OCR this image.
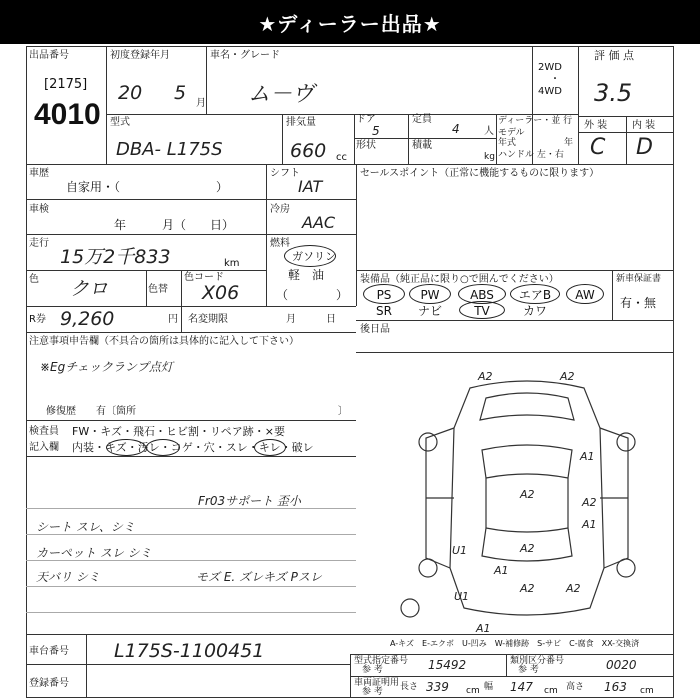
★ディーラー出品★
出品番号
[2175]
4010
初度登録年月
20 5 月
車名・グレード
ム－ヴ
2WD
・
4WD
評 価 点
3.5
外 装 内 装
C D
型式
DBA- L175S
排気量
660 cc
ドア
5
定員
4 人
形状	積載
kg
ディーラー・並 行
モデル
年式	年
ハンドル 左・右
車歴
自家用・（　　　　　　　　）
シフト
IAT
車検
年　　　月（　　日）
冷房
AAC
走行
15万2千833	km
燃料
ガソリン
軽　油
（　　　　）
色 クロ	色替
色コード
X06
R券 9,260	円 名変期限	月　　　日
セールスポイント（正常に機能するものに限ります）
装備品（純正品に限り○で囲んでください）	新車保証書
有・無
PS	PW	ABS	エアB	AW
SR	ナビ	TV	カワ
後日品
注意事項申告欄（不具合の箇所は具体的に記入して下さい）
※Egチェックランプ点灯
修復歴　　有〔箇所	〕
検査員
記入欄
FW・キズ・飛石・ヒビ割・リペア跡・×要
内装・キズ・汚レ・コゲ・穴・スレ・キレ・破レ
Fr03サポート 歪小
シート スレ、シミ
カーペット スレ シミ
天バリ シミ	モズ E. ズレキズ Pスレ
車台番号 L175S-1100451
登録番号
型式指定番号
参 考	15492	類別区分番号
参 考	0020
車両証明用
参 考 長さ 339 cm 幅 147 cm 高さ 163 cm
A2	A2
A1
A2
A2
A1
A2
A1
A2	A2
U1
U1
A1
A-キズ　E-エクボ　U-凹み　W-補修跡　S-サビ　C-腐食　XX-交換済
